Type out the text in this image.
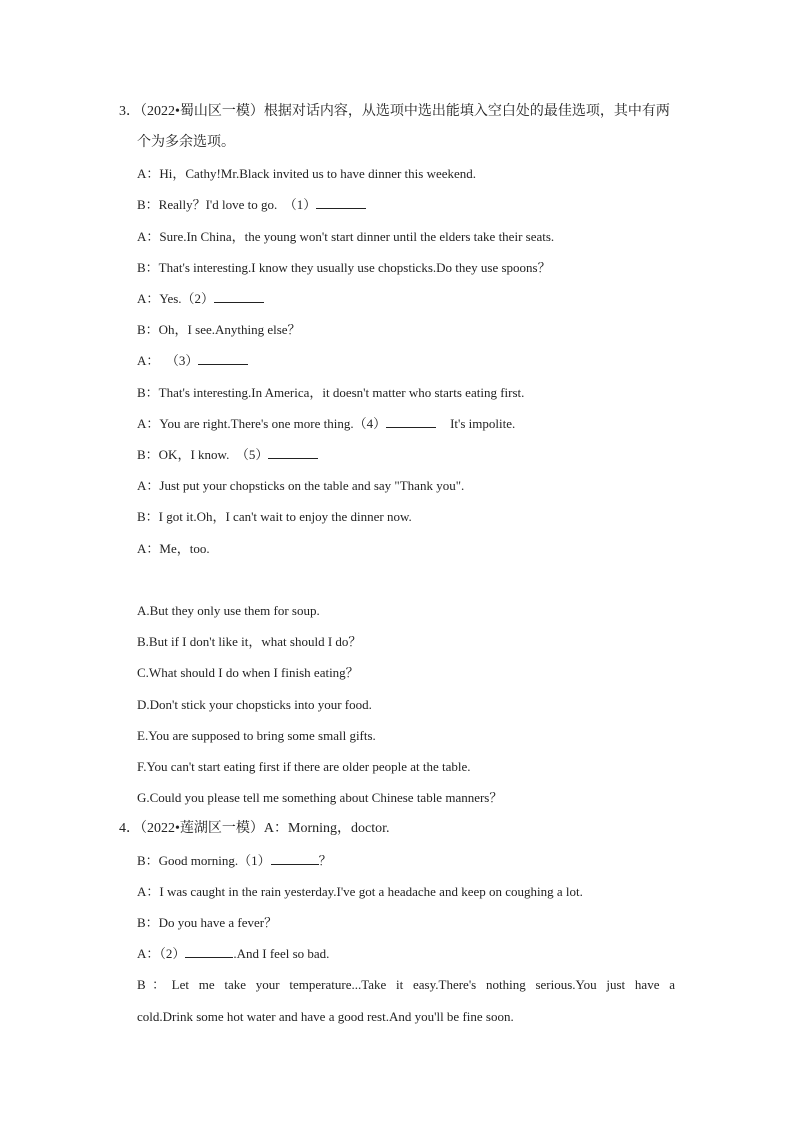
3．（2022•蜀山区一模）根据对话内容，从选项中选出能填入空白处的最佳选项，其中有两
个为多余选项。
A：Hi，Cathy!Mr.Black invited us to have dinner this weekend.
B：Really？I'd love to go.  （1）
A：Sure.In China，the young won't start dinner until the elders take their seats.
B：That's interesting.I know they usually use chopsticks.Do they use spoons？
A：Yes.（2）
B：Oh，I see.Anything else？
A：  （3）
B：That's interesting.In America，it doesn't matter who starts eating first.
A：You are right.There's one more thing.（4）	It's impolite.
B：OK，I know.  （5）
A：Just put your chopsticks on the table and say "Thank you".
B：I got it.Oh，I can't wait to enjoy the dinner now.
A：Me，too.
A.But they only use them for soup.
B.But if I don't like it，what should I do？
C.What should I do when I finish eating？
D.Don't stick your chopsticks into your food.
E.You are supposed to bring some small gifts.
F.You can't start eating first if there are older people at the table.
G.Could you please tell me something about Chinese table manners？
4．（2022•莲湖区一模）A：Morning，doctor.
B：Good morning.（1）	？
A：I was caught in the rain yesterday.I've got a headache and keep on coughing a lot.
B：Do you have a fever？
A：（2）	.And I feel so bad.
B：Let me take your temperature...Take it easy.There's nothing serious.You just have a
cold.Drink some hot water and have a good rest.And you'll be fine soon.
